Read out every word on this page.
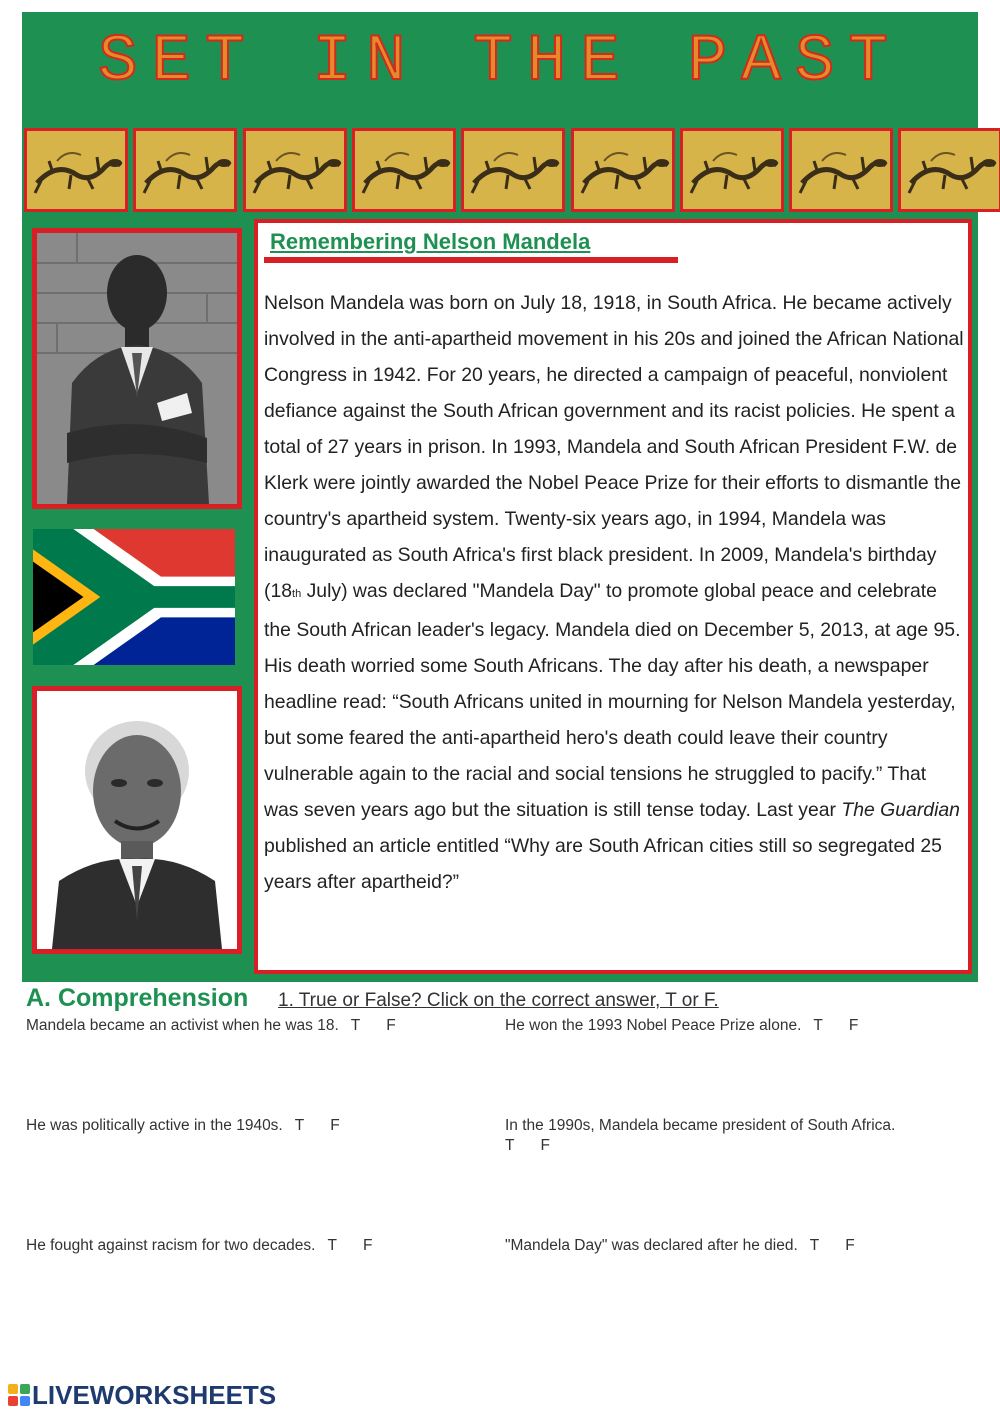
SET IN THE PAST
Remembering Nelson Mandela
Nelson Mandela was born on July 18, 1918, in South Africa. He became actively involved in the anti-apartheid movement in his 20s and joined the African National Congress in 1942. For 20 years, he directed a campaign of peaceful, nonviolent defiance against the South African government and its racist policies. He spent a total of 27 years in prison. In 1993, Mandela and South African President F.W. de Klerk were jointly awarded the Nobel Peace Prize for their efforts to dismantle the country's apartheid system. Twenty-six years ago, in 1994, Mandela was inaugurated as South Africa's first black president. In 2009, Mandela's birthday (18th July) was declared "Mandela Day" to promote global peace and celebrate the South African leader's legacy. Mandela died on December 5, 2013, at age 95. His death worried some South Africans. The day after his death, a newspaper headline read: “South Africans united in mourning for Nelson Mandela yesterday, but some feared the anti-apartheid hero's death could leave their country vulnerable again to the racial and social tensions he struggled to pacify.” That was seven years ago but the situation is still tense today. Last year The Guardian published an article entitled “Why are South African cities still so segregated 25 years after apartheid?”
A. Comprehension 1. True or False? Click on the correct answer, T or F.
Mandela became an activist when he was 18. T F	He won the 1993 Nobel Peace Prize alone. T F
He was politically active in the 1940s. T F	In the 1990s, Mandela became president of South Africa.
T F
He fought against racism for two decades. T F	"Mandela Day" was declared after he died. T F
LIVEWORKSHEETS
